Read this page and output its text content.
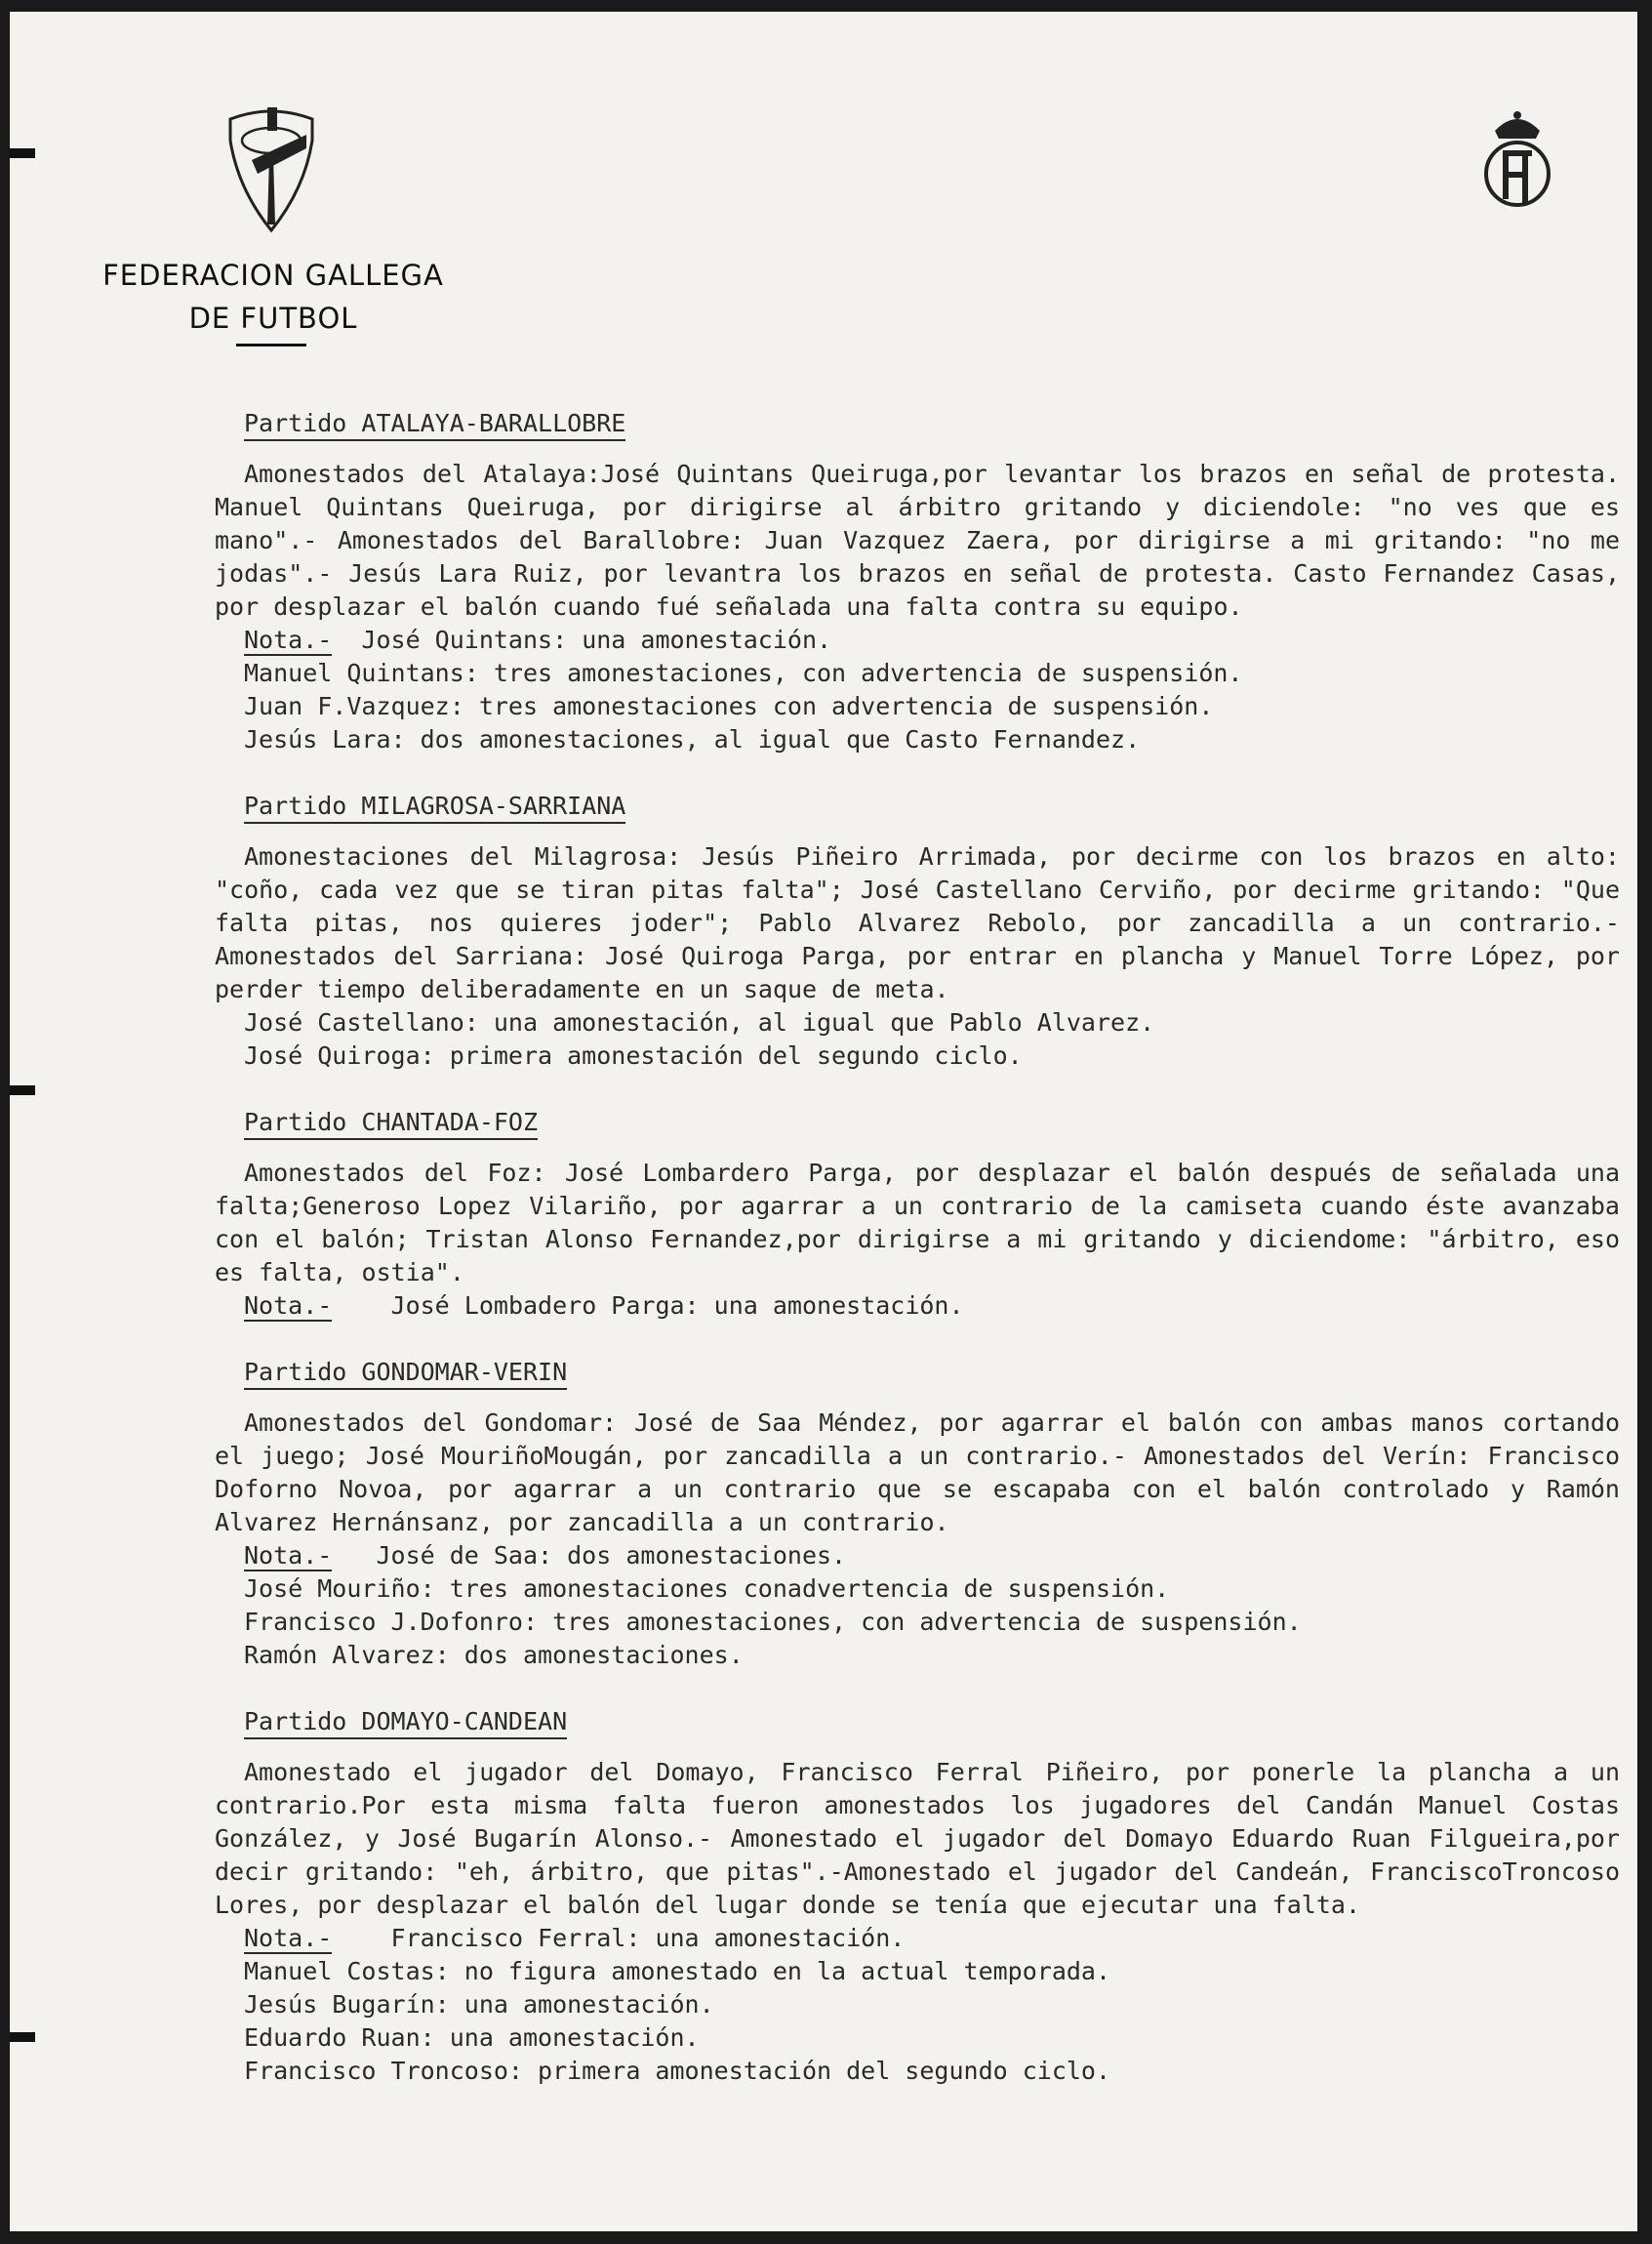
FEDERACION GALLEGA
DE FUTBOL
Partido ATALAYA-BARALLOBRE
Amonestados del Atalaya:José Quintans Queiruga,por levantar los brazos en señal de protesta. Manuel Quintans Queiruga, por dirigirse al árbitro gritando y diciendole: "no ves que es mano".- Amonestados del Barallobre: Juan Vazquez Zaera, por dirigirse a mi gritando: "no me jodas".- Jesús Lara Ruiz, por levantra los brazos en señal de protesta. Casto Fernandez Casas, por desplazar el balón cuando fué señalada una falta contra su equipo.
Nota.- José Quintans: una amonestación.
Manuel Quintans: tres amonestaciones, con advertencia de suspensión.
Juan F.Vazquez: tres amonestaciones con advertencia de suspensión.
Jesús Lara: dos amonestaciones, al igual que Casto Fernandez.
Partido MILAGROSA-SARRIANA
Amonestaciones del Milagrosa: Jesús Piñeiro Arrimada, por decirme con los brazos en alto: "coño, cada vez que se tiran pitas falta"; José Castellano Cerviño, por decirme gritando: "Que falta pitas, nos quieres joder"; Pablo Alvarez Rebolo, por zancadilla a un contrario.- Amonestados del Sarriana: José Quiroga Parga, por entrar en plancha y Manuel Torre López, por perder tiempo deliberadamente en un saque de meta.
José Castellano: una amonestación, al igual que Pablo Alvarez.
José Quiroga: primera amonestación del segundo ciclo.
Partido CHANTADA-FOZ
Amonestados del Foz: José Lombardero Parga, por desplazar el balón después de señalada una falta;Generoso Lopez Vilariño, por agarrar a un contrario de la camiseta cuando éste avanzaba con el balón; Tristan Alonso Fernandez,por dirigirse a mi gritando y diciendome: "árbitro, eso es falta, ostia".
Nota.- José Lombadero Parga: una amonestación.
Partido GONDOMAR-VERIN
Amonestados del Gondomar: José de Saa Méndez, por agarrar el balón con ambas manos cortando el juego; José MouriñoMougán, por zancadilla a un contrario.- Amonestados del Verín: Francisco Doforno Novoa, por agarrar a un contrario que se escapaba con el balón controlado y Ramón Alvarez Hernánsanz, por zancadilla a un contrario.
Nota.- José de Saa: dos amonestaciones.
José Mouriño: tres amonestaciones conadvertencia de suspensión.
Francisco J.Dofonro: tres amonestaciones, con advertencia de suspensión.
Ramón Alvarez: dos amonestaciones.
Partido DOMAYO-CANDEAN
Amonestado el jugador del Domayo, Francisco Ferral Piñeiro, por ponerle la plancha a un contrario.Por esta misma falta fueron amonestados los jugadores del Candán Manuel Costas González, y José Bugarín Alonso.- Amonestado el jugador del Domayo Eduardo Ruan Filgueira,por decir gritando: "eh, árbitro, que pitas".-Amonestado el jugador del Candeán, FranciscoTroncoso Lores, por desplazar el balón del lugar donde se tenía que ejecutar una falta.
Nota.- Francisco Ferral: una amonestación.
Manuel Costas: no figura amonestado en la actual temporada.
Jesús Bugarín: una amonestación.
Eduardo Ruan: una amonestación.
Francisco Troncoso: primera amonestación del segundo ciclo.
